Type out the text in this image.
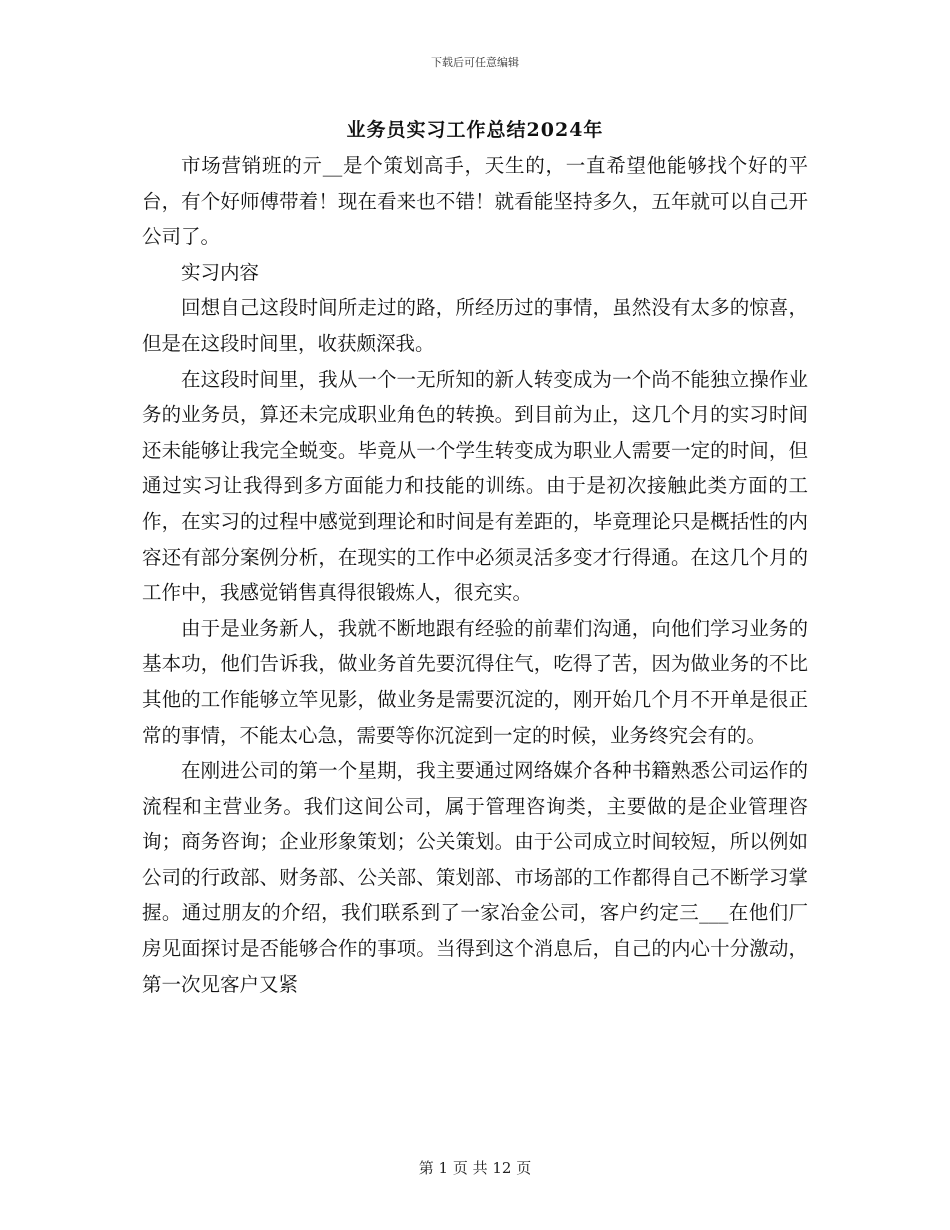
下载后可任意编辑
业务员实习工作总结2024年

市场营销班的亓__是个策划高手，天生的，一直希望他能够找个好的平台，有个好师傅带着！现在看来也不错！就看能坚持多久，五年就可以自己开公司了。

实习内容

回想自己这段时间所走过的路，所经历过的事情，虽然没有太多的惊喜，但是在这段时间里，收获颇深我。

在这段时间里，我从一个一无所知的新人转变成为一个尚不能独立操作业务的业务员，算还未完成职业角色的转换。到目前为止，这几个月的实习时间还未能够让我完全蜕变。毕竟从一个学生转变成为职业人需要一定的时间，但通过实习让我得到多方面能力和技能的训练。由于是初次接触此类方面的工作，在实习的过程中感觉到理论和时间是有差距的，毕竟理论只是概括性的内容还有部分案例分析，在现实的工作中必须灵活多变才行得通。在这几个月的工作中，我感觉销售真得很锻炼人，很充实。

由于是业务新人，我就不断地跟有经验的前辈们沟通，向他们学习业务的基本功，他们告诉我，做业务首先要沉得住气，吃得了苦，因为做业务的不比其他的工作能够立竿见影，做业务是需要沉淀的，刚开始几个月不开单是很正常的事情，不能太心急，需要等你沉淀到一定的时候，业务终究会有的。

在刚进公司的第一个星期，我主要通过网络媒介各种书籍熟悉公司运作的流程和主营业务。我们这间公司，属于管理咨询类，主要做的是企业管理咨询；商务咨询；企业形象策划；公关策划。由于公司成立时间较短，所以例如公司的行政部、财务部、公关部、策划部、市场部的工作都得自己不断学习掌握。通过朋友的介绍，我们联系到了一家冶金公司，客户约定三___在他们厂房见面探讨是否能够合作的事项。当得到这个消息后，自己的内心十分激动，第一次见客户又紧

第 1 页 共 12 页
